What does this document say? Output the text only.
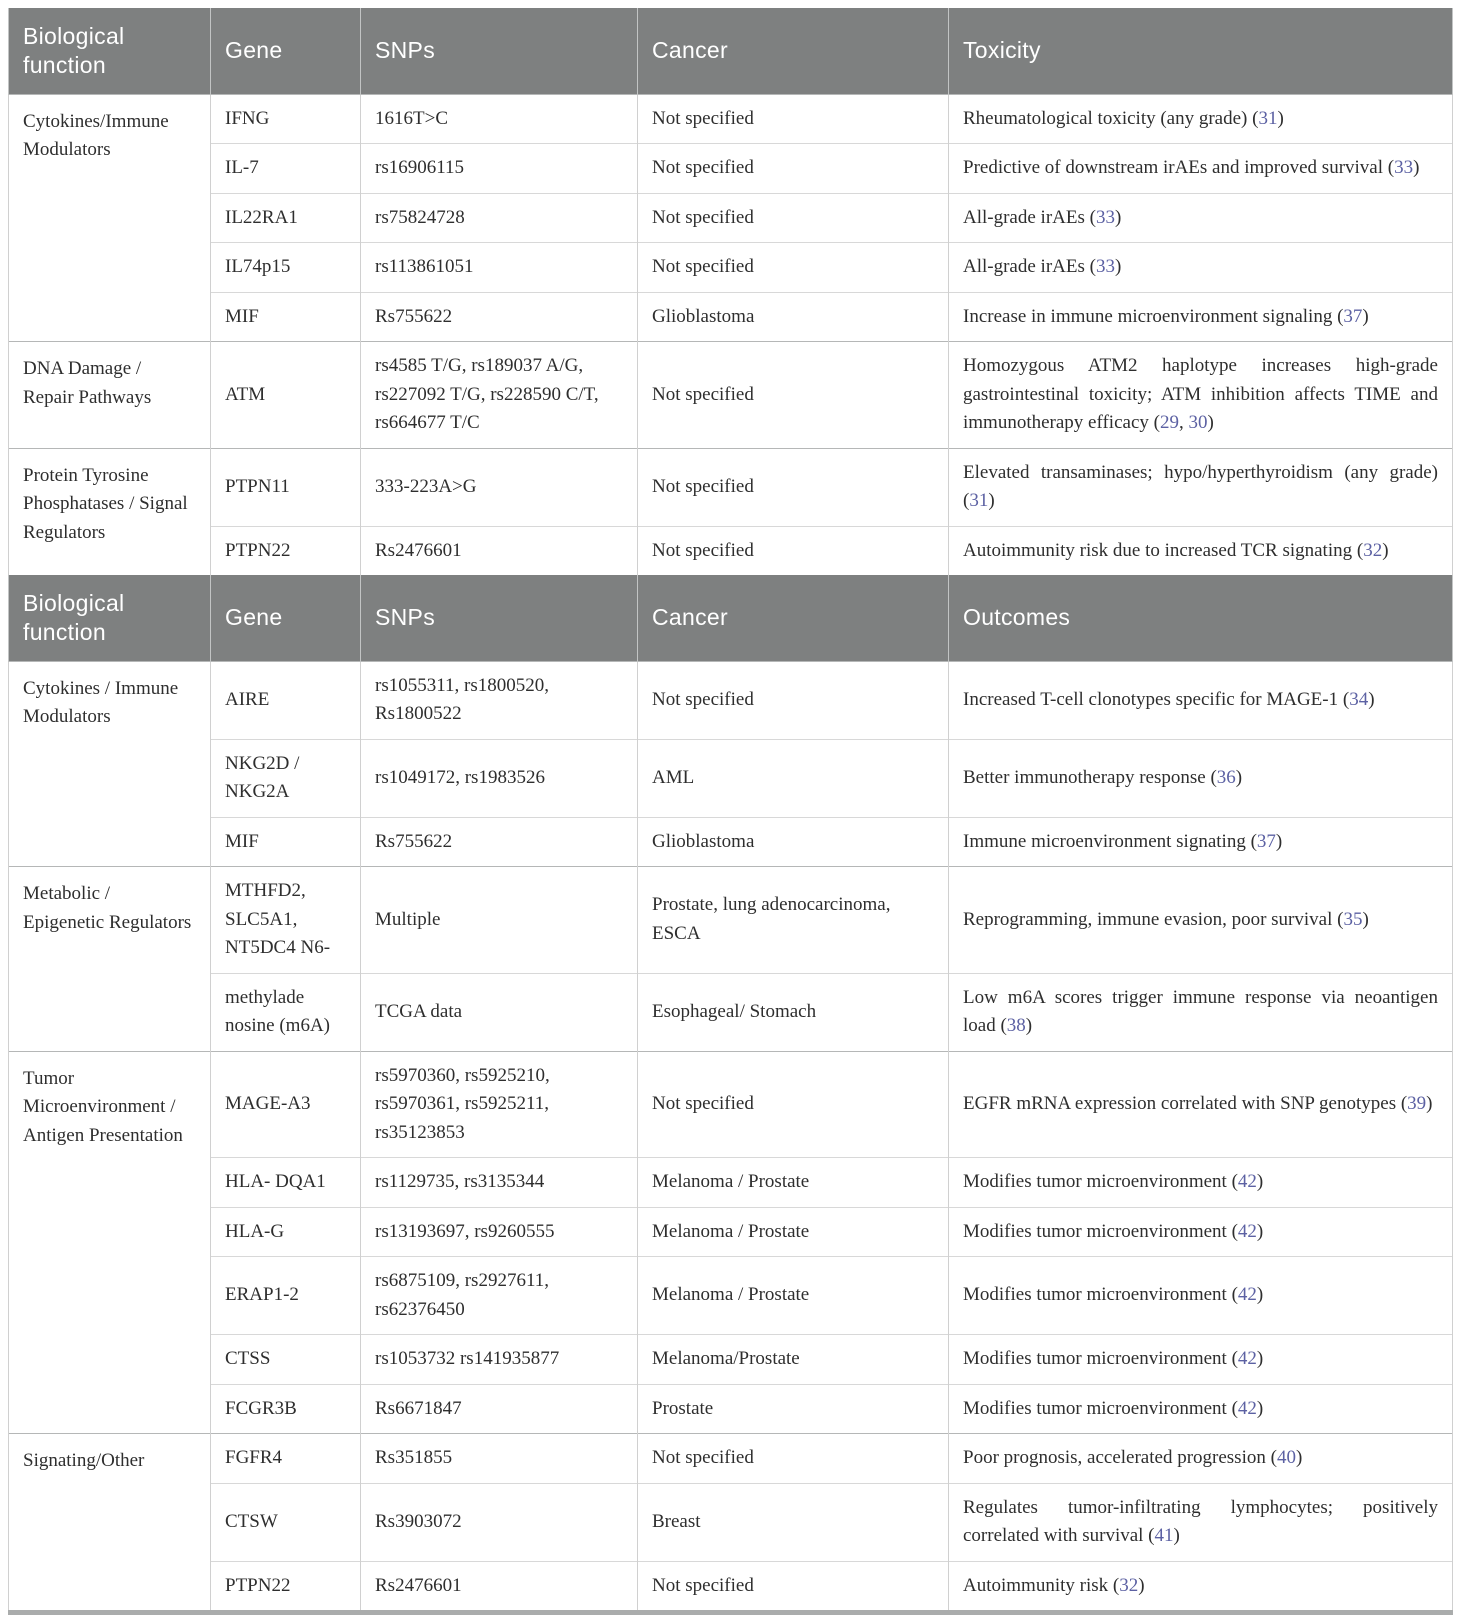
Biological function	Gene	SNPs	Cancer	Toxicity
Cytokines/Immune Modulators	IFNG	1616T>C	Not specified	Rheumatological toxicity (any grade) (31)
	IL-7	rs16906115	Not specified	Predictive of downstream irAEs and improved survival (33)
	IL22RA1	rs75824728	Not specified	All-grade irAEs (33)
	IL74p15	rs113861051	Not specified	All-grade irAEs (33)
	MIF	Rs755622	Glioblastoma	Increase in immune microenvironment signaling (37)
DNA Damage / Repair Pathways	ATM	rs4585 T/G, rs189037 A/G, rs227092 T/G, rs228590 C/T, rs664677 T/C	Not specified	Homozygous ATM2 haplotype increases high-grade gastrointestinal toxicity; ATM inhibition affects TIME and immunotherapy efficacy (29, 30)
Protein Tyrosine Phosphatases / Signal Regulators	PTPN11	333-223A>G	Not specified	Elevated transaminases; hypo/hyperthyroidism (any grade) (31)
	PTPN22	Rs2476601	Not specified	Autoimmunity risk due to increased TCR signating (32)
Biological function	Gene	SNPs	Cancer	Outcomes
Cytokines / Immune Modulators	AIRE	rs1055311, rs1800520, Rs1800522	Not specified	Increased T-cell clonotypes specific for MAGE-1 (34)
	NKG2D / NKG2A	rs1049172, rs1983526	AML	Better immunotherapy response (36)
	MIF	Rs755622	Glioblastoma	Immune microenvironment signating (37)
Metabolic / Epigenetic Regulators	MTHFD2, SLC5A1, NT5DC4 N6-	Multiple	Prostate, lung adenocarcinoma, ESCA	Reprogramming, immune evasion, poor survival (35)
	methylade nosine (m6A)	TCGA data	Esophageal/ Stomach	Low m6A scores trigger immune response via neoantigen load (38)
Tumor Microenvironment / Antigen Presentation	MAGE-A3	rs5970360, rs5925210, rs5970361, rs5925211, rs35123853	Not specified	EGFR mRNA expression correlated with SNP genotypes (39)
	HLA- DQA1	rs1129735, rs3135344	Melanoma / Prostate	Modifies tumor microenvironment (42)
	HLA-G	rs13193697, rs9260555	Melanoma / Prostate	Modifies tumor microenvironment (42)
	ERAP1-2	rs6875109, rs2927611, rs62376450	Melanoma / Prostate	Modifies tumor microenvironment (42)
	CTSS	rs1053732 rs141935877	Melanoma/Prostate	Modifies tumor microenvironment (42)
	FCGR3B	Rs6671847	Prostate	Modifies tumor microenvironment (42)
Signating/Other	FGFR4	Rs351855	Not specified	Poor prognosis, accelerated progression (40)
	CTSW	Rs3903072	Breast	Regulates tumor-infiltrating lymphocytes; positively correlated with survival (41)
	PTPN22	Rs2476601	Not specified	Autoimmunity risk (32)
